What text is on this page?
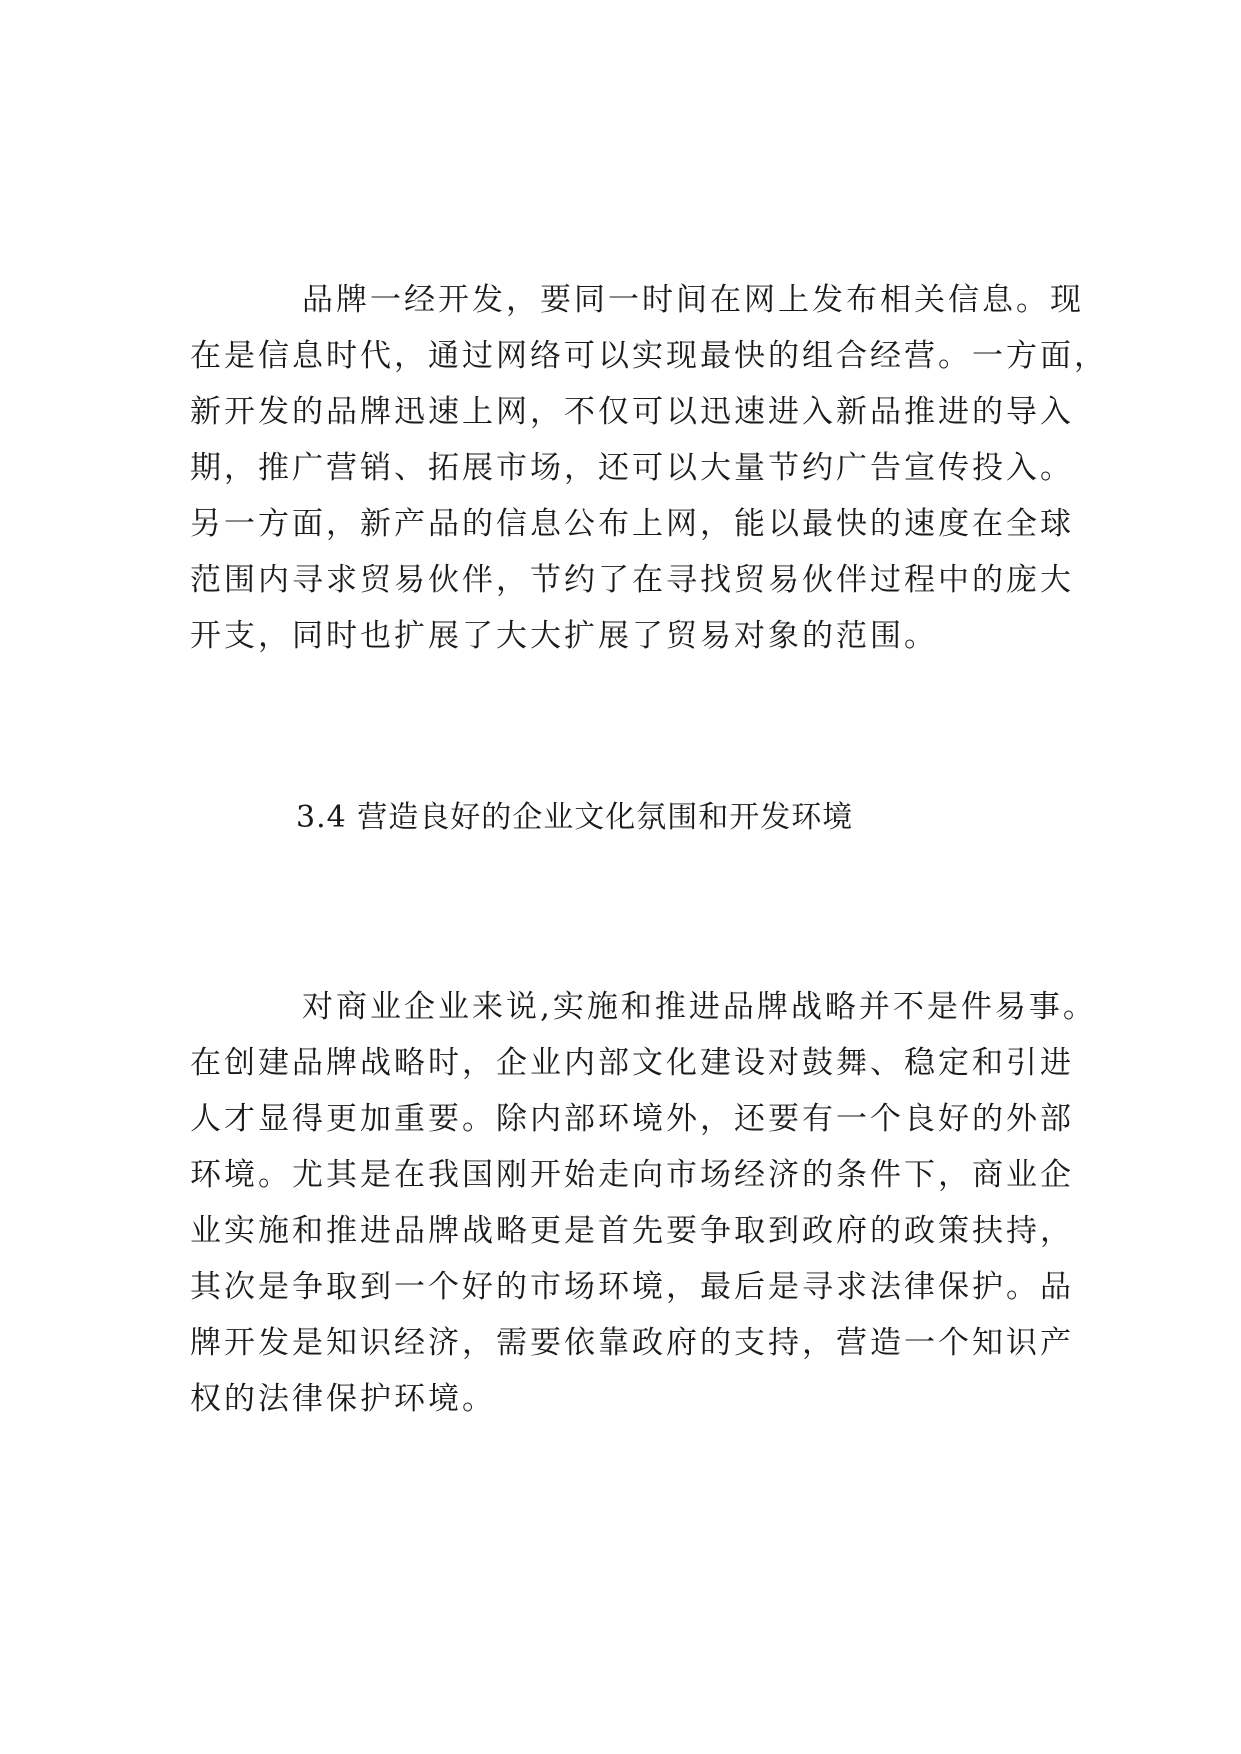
品牌一经开发，要同一时间在网上发布相关信息。现
在是信息时代，通过网络可以实现最快的组合经营。一方面，
新开发的品牌迅速上网，不仅可以迅速进入新品推进的导入
期，推广营销、拓展市场，还可以大量节约广告宣传投入。
另一方面，新产品的信息公布上网，能以最快的速度在全球
范围内寻求贸易伙伴，节约了在寻找贸易伙伴过程中的庞大
开支，同时也扩展了大大扩展了贸易对象的范围。
3.4 营造良好的企业文化氛围和开发环境
对商业企业来说,实施和推进品牌战略并不是件易事。
在创建品牌战略时，企业内部文化建设对鼓舞、稳定和引进
人才显得更加重要。除内部环境外，还要有一个良好的外部
环境。尤其是在我国刚开始走向市场经济的条件下，商业企
业实施和推进品牌战略更是首先要争取到政府的政策扶持，
其次是争取到一个好的市场环境，最后是寻求法律保护。品
牌开发是知识经济，需要依靠政府的支持，营造一个知识产
权的法律保护环境。
